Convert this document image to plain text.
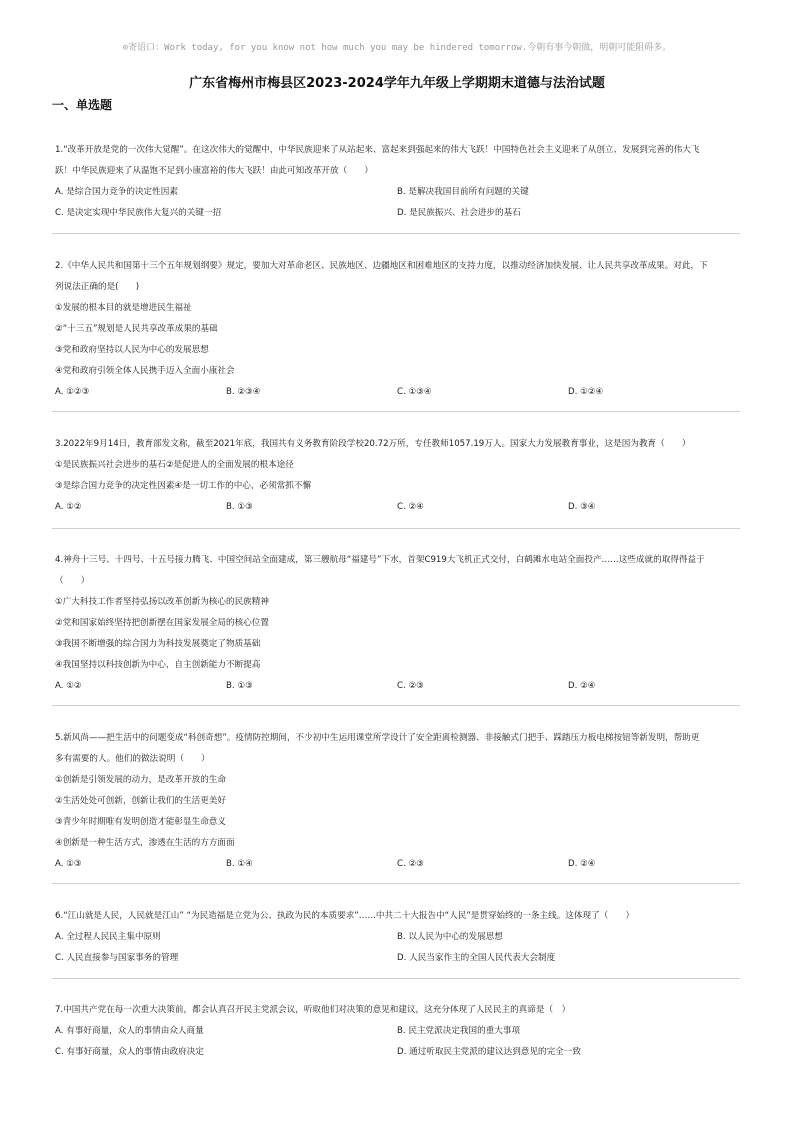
⊙寄语口：Work today, for you know not how much you may be hindered tomorrow.今朝有事今朝做，明朝可能阻碍多。
广东省梅州市梅县区2023-2024学年九年级上学期期末道德与法治试题
一、单选题

1.“改革开放是党的一次伟大觉醒”。在这次伟大的觉醒中，中华民族迎来了从站起来、富起来到强起来的伟大飞跃！中国特色社会主义迎来了从创立、发展到完善的伟大飞

跃！中华民族迎来了从温饱不足到小康富裕的伟大飞跃！由此可知改革开放（　　）

A. 是综合国力竞争的决定性因素	B. 是解决我国目前所有问题的关键
C. 是决定实现中华民族伟大复兴的关键一招	D. 是民族振兴、社会进步的基石

2.《中华人民共和国第十三个五年规划纲要》规定，要加大对革命老区、民族地区、边疆地区和困难地区的支持力度，以推动经济加快发展、让人民共享改革成果。对此，下

列说法正确的是(　　)

①发展的根本目的就是增进民生福祉

②“十三五”规划是人民共享改革成果的基础

③党和政府坚持以人民为中心的发展思想

④党和政府引领全体人民携手迈入全面小康社会

A. ①②③	B. ②③④	C. ①③④	D. ①②④

3.2022年9月14日，教育部发文称，截至2021年底，我国共有义务教育阶段学校20.72万所，专任教师1057.19万人。国家大力发展教育事业，这是因为教育（　　）

①是民族振兴社会进步的基石②是促进人的全面发展的根本途径

③是综合国力竞争的决定性因素④是一切工作的中心，必须常抓不懈

A. ①②	B. ①③	C. ②④	D. ③④

4.神舟十三号、十四号、十五号接力腾飞、中国空间站全面建成，第三艘航母“福建号”下水，首架C919大飞机正式交付，白鹤滩水电站全面投产……这些成就的取得得益于

（　　）

①广大科技工作者坚持弘扬以改革创新为核心的民族精神

②党和国家始终坚持把创新摆在国家发展全局的核心位置

③我国不断增强的综合国力为科技发展奠定了物质基础

④我国坚持以科技创新为中心，自主创新能力不断提高

A. ①②	B. ①③	C. ②③	D. ②④

5.新风尚——把生活中的问题变成“科创奇想”。疫情防控期间，不少初中生运用课堂所学设计了安全距离检测器、非接触式门把手、踩踏压力板电梯按钮等新发明，帮助更

多有需要的人。他们的做法说明（　　）

①创新是引领发展的动力，是改革开放的生命

②生活处处可创新，创新让我们的生活更美好

③青少年时期唯有发明创造才能彰显生命意义

④创新是一种生活方式，渗透在生活的方方面面

A. ①③	B. ①④	C. ②③	D. ②④

6.“江山就是人民，人民就是江山” “为民造福是立党为公、执政为民的本质要求”……中共二十大报告中“人民”是贯穿始终的一条主线。这体现了（　　）

A. 全过程人民民主集中原则	B. 以人民为中心的发展思想
C. 人民直接参与国家事务的管理	D. 人民当家作主的全国人民代表大会制度

7.中国共产党在每一次重大决策前，都会认真召开民主党派会议，听取他们对决策的意见和建议，这充分体现了人民民主的真谛是（　）

A. 有事好商量，众人的事情由众人商量	B. 民主党派决定我国的重大事项
C. 有事好商量，众人的事情由政府决定	D. 通过听取民主党派的建议达到意见的完全一致
